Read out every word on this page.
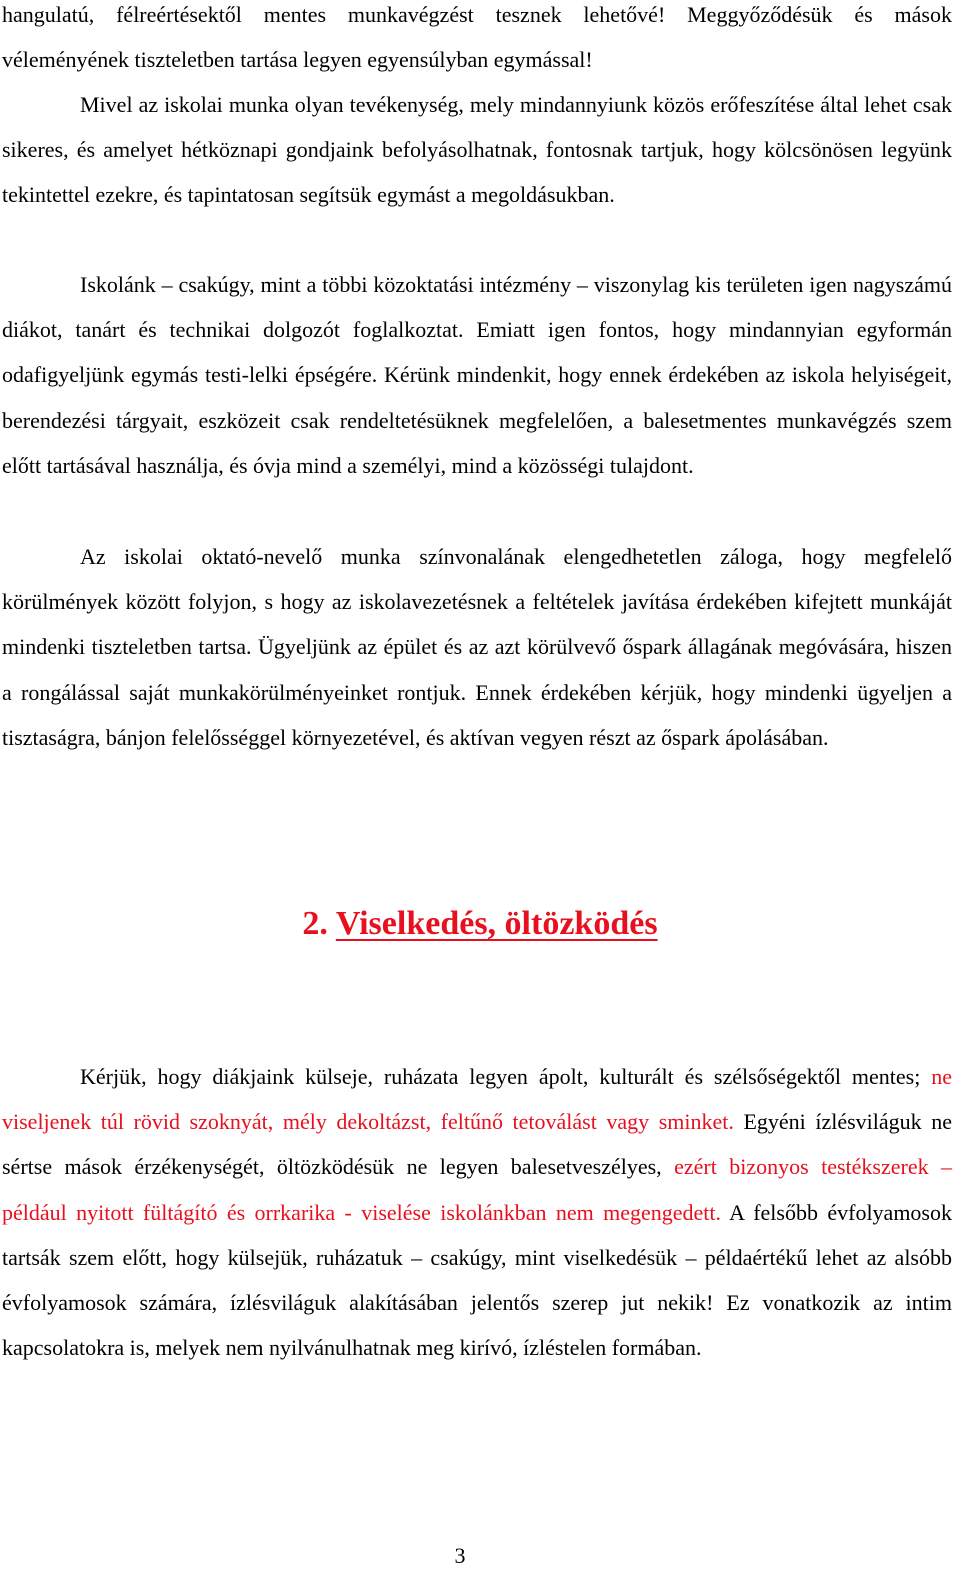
hangulatú, félreértésektől mentes munkavégzést tesznek lehetővé! Meggyőződésük és mások véleményének tiszteletben tartása legyen egyensúlyban egymással!

Mivel az iskolai munka olyan tevékenység, mely mindannyiunk közös erőfeszítése által lehet csak sikeres, és amelyet hétköznapi gondjaink befolyásolhatnak, fontosnak tartjuk, hogy kölcsönösen legyünk tekintettel ezekre, és tapintatosan segítsük egymást a megoldásukban.

Iskolánk – csakúgy, mint a többi közoktatási intézmény – viszonylag kis területen igen nagyszámú diákot, tanárt és technikai dolgozót foglalkoztat. Emiatt igen fontos, hogy mindannyian egyformán odafigyeljünk egymás testi-lelki épségére. Kérünk mindenkit, hogy ennek érdekében az iskola helyiségeit, berendezési tárgyait, eszközeit csak rendeltetésüknek megfelelően, a balesetmentes munkavégzés szem előtt tartásával használja, és óvja mind a személyi, mind a közösségi tulajdont.

Az iskolai oktató-nevelő munka színvonalának elengedhetetlen záloga, hogy megfelelő körülmények között folyjon, s hogy az iskolavezetésnek a feltételek javítása érdekében kifejtett munkáját mindenki tiszteletben tartsa. Ügyeljünk az épület és az azt körülvevő őspark állagának megóvására, hiszen a rongálással saját munkakörülményeinket rontjuk. Ennek érdekében kérjük, hogy mindenki ügyeljen a tisztaságra, bánjon felelősséggel környezetével, és aktívan vegyen részt az őspark ápolásában.

2. Viselkedés, öltözködés

Kérjük, hogy diákjaink külseje, ruházata legyen ápolt, kulturált és szélsőségektől mentes; ne viseljenek túl rövid szoknyát, mély dekoltázst, feltűnő tetoválást vagy sminket. Egyéni ízlésviláguk ne sértse mások érzékenységét, öltözködésük ne legyen balesetveszélyes, ezért bizonyos testékszerek – például nyitott fültágító és orrkarika - viselése iskolánkban nem megengedett. A felsőbb évfolyamosok tartsák szem előtt, hogy külsejük, ruházatuk – csakúgy, mint viselkedésük – példaértékű lehet az alsóbb évfolyamosok számára, ízlésviláguk alakításában jelentős szerep jut nekik! Ez vonatkozik az intim kapcsolatokra is, melyek nem nyilvánulhatnak meg kirívó, ízléstelen formában.

3
